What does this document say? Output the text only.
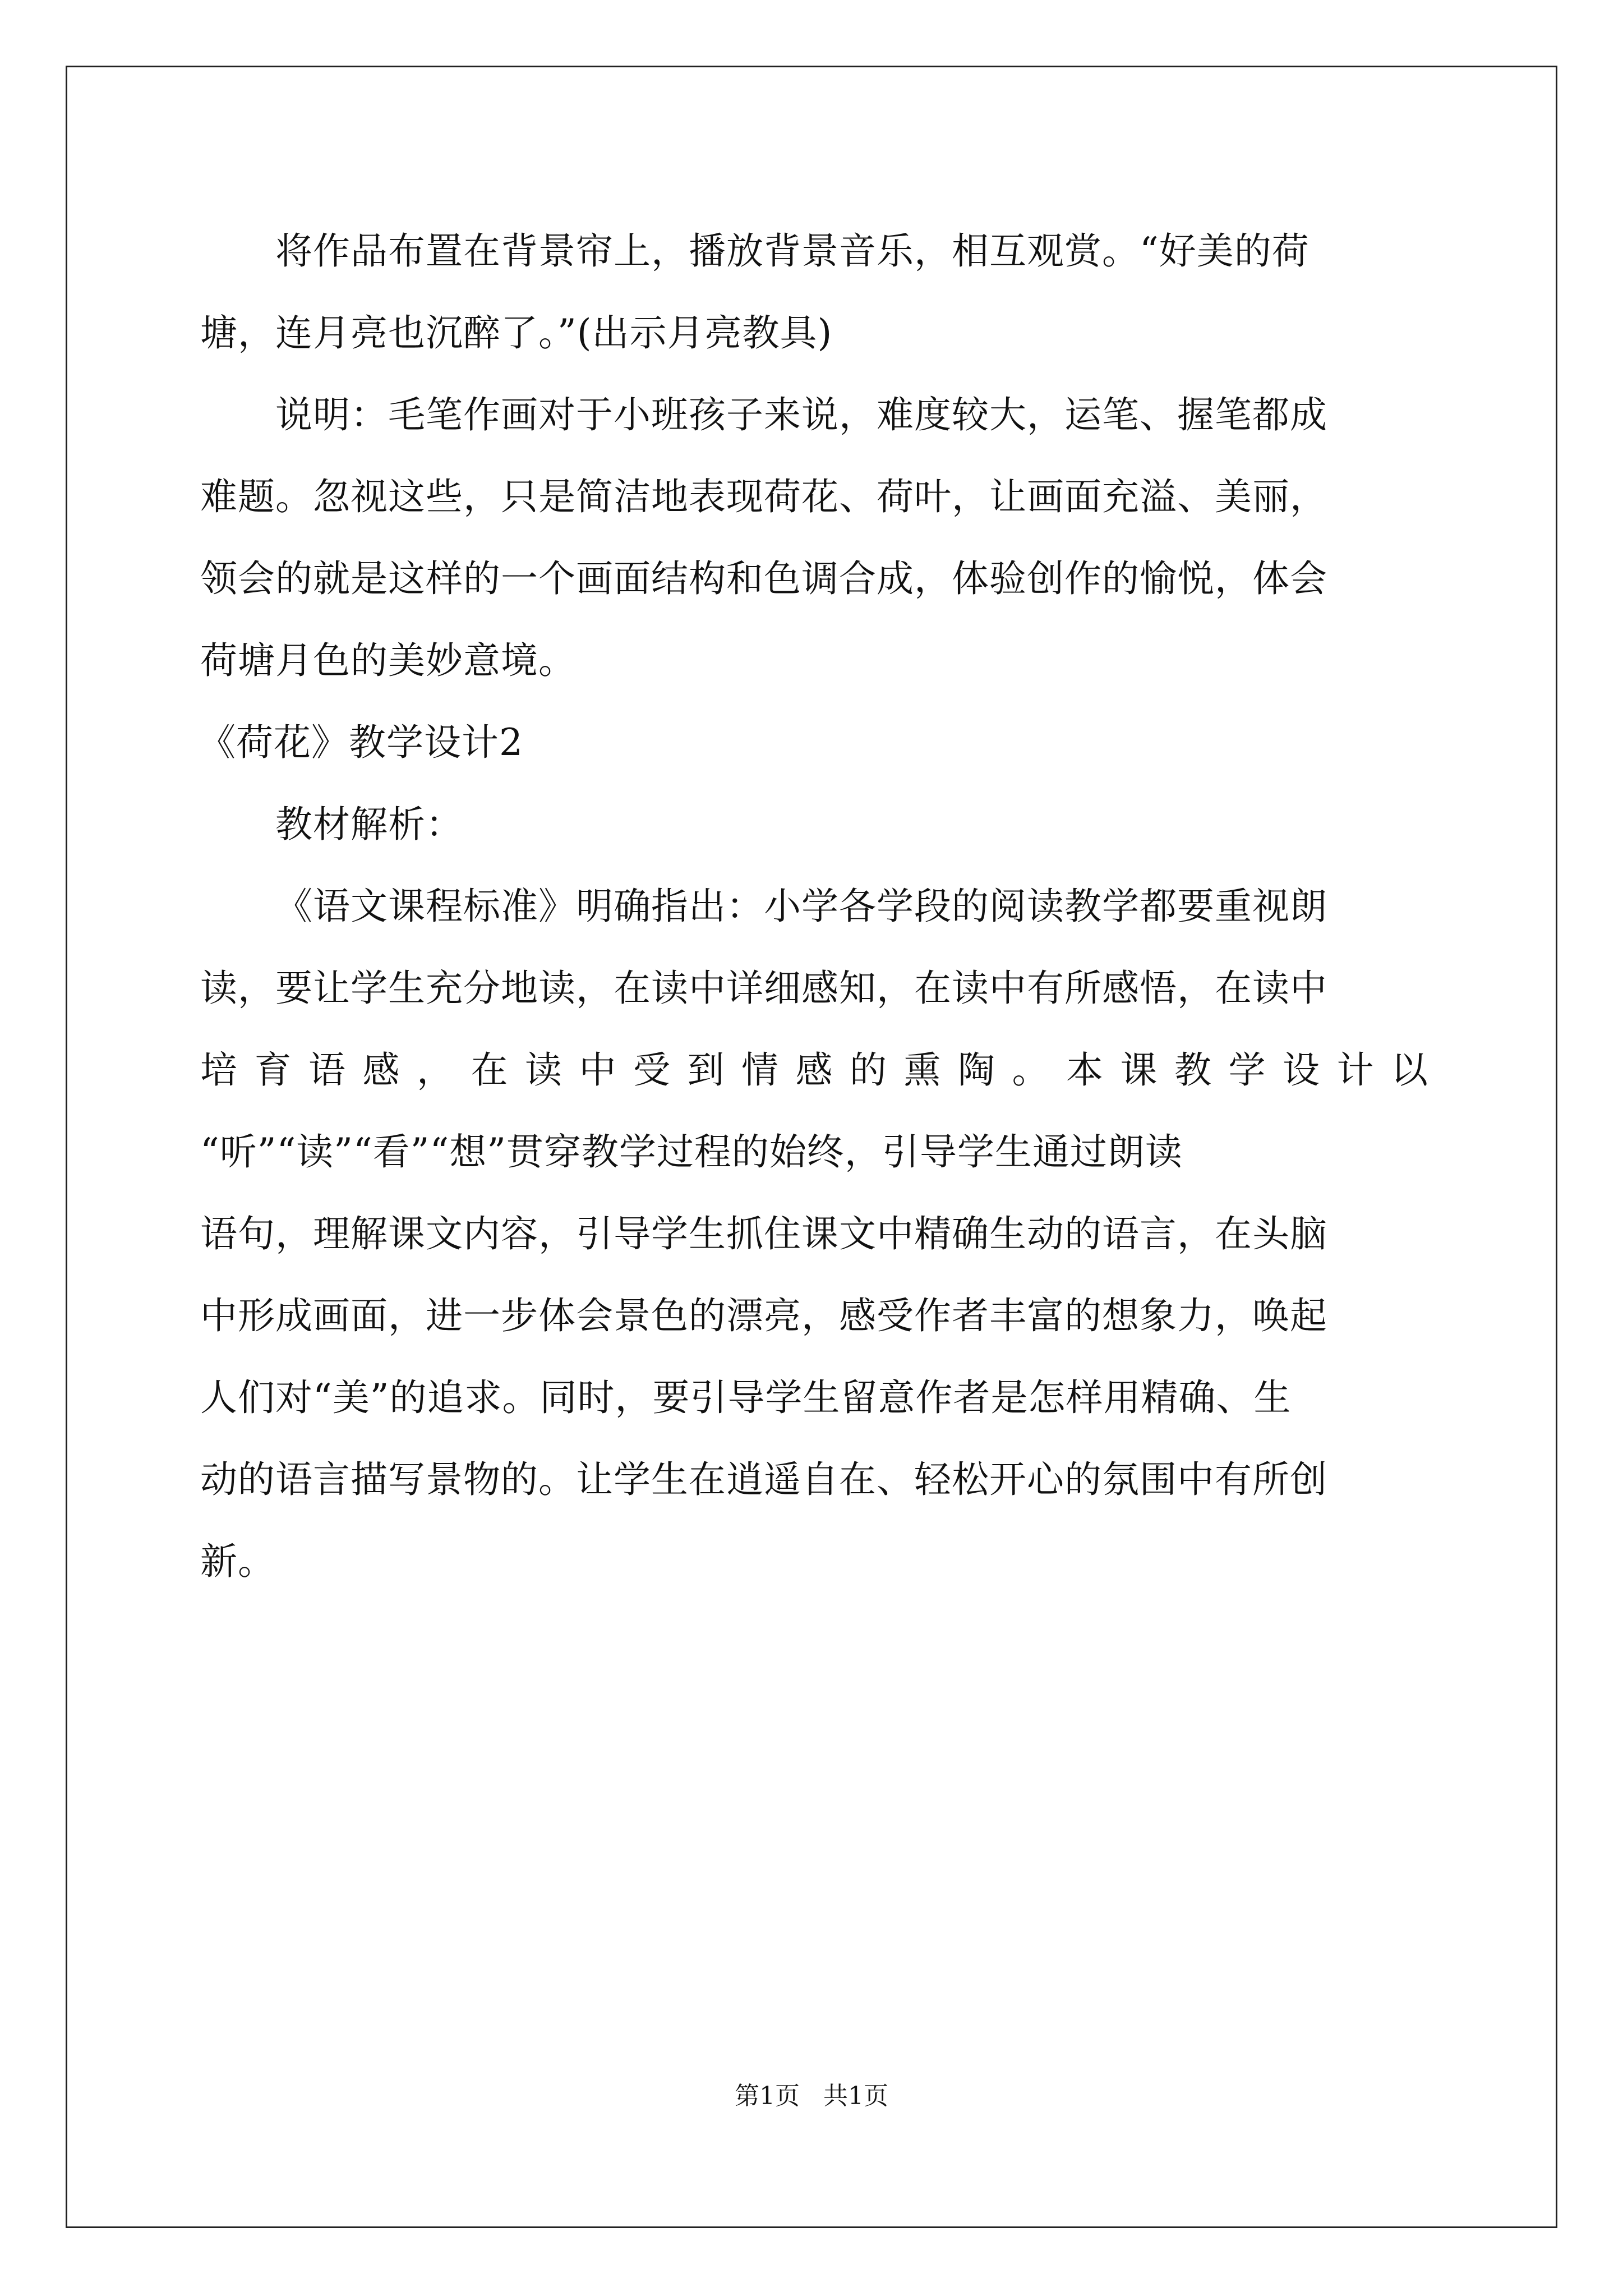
将作品布置在背景帘上，播放背景音乐，相互观赏。“好美的荷
塘，连月亮也沉醉了。”(出示月亮教具)
说明：毛笔作画对于小班孩子来说，难度较大，运笔、握笔都成
难题。忽视这些，只是简洁地表现荷花、荷叶，让画面充溢、美丽，
领会的就是这样的一个画面结构和色调合成，体验创作的愉悦，体会
荷塘月色的美妙意境。
《荷花》教学设计2
教材解析：
《语文课程标准》明确指出：小学各学段的阅读教学都要重视朗
读，要让学生充分地读，在读中详细感知，在读中有所感悟，在读中
培 育 语 感 ， 在 读 中 受 到 情 感 的 熏 陶 。 本 课 教 学 设 计 以
“听”“读”“看”“想”贯穿教学过程的始终，引导学生通过朗读
语句，理解课文内容，引导学生抓住课文中精确生动的语言，在头脑
中形成画面，进一步体会景色的漂亮，感受作者丰富的想象力，唤起
人们对“美”的追求。同时，要引导学生留意作者是怎样用精确、生
动的语言描写景物的。让学生在逍遥自在、轻松开心的氛围中有所创
新。
第1页   共1页
